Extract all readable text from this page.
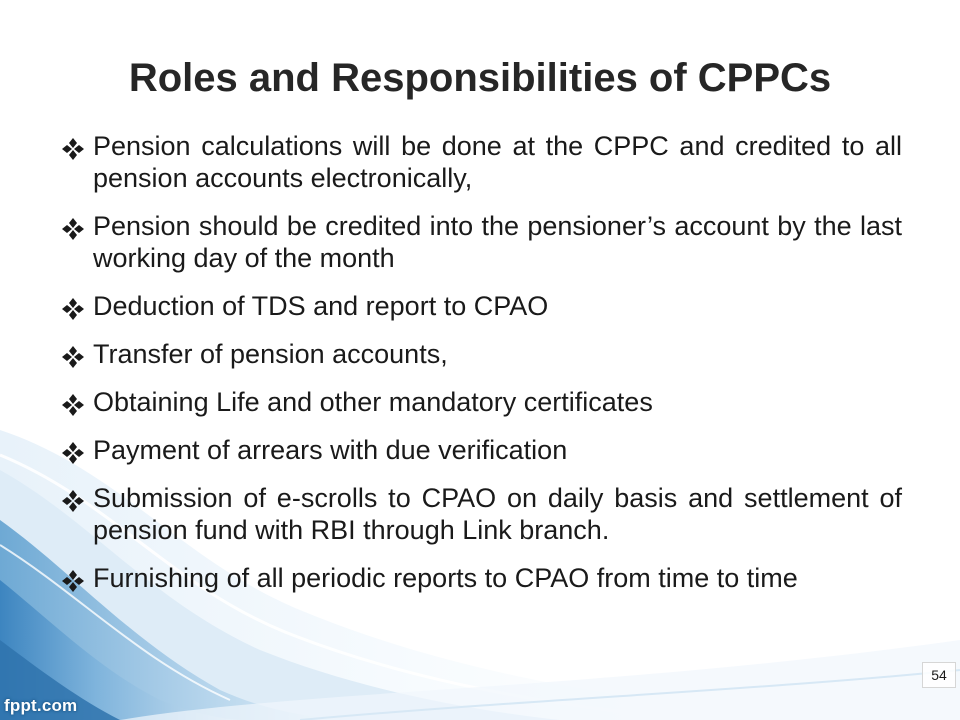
Roles and Responsibilities of CPPCs
Pension calculations will be done at the CPPC and credited to all pension accounts electronically,
Pension should be credited into the pensioner’s account by the last working day of the month
Deduction of TDS and report to CPAO
Transfer of pension accounts,
Obtaining Life and other mandatory certificates
Payment of arrears with due verification
Submission of e-scrolls to CPAO on daily basis and settlement of pension fund with RBI through Link branch.
Furnishing of all periodic reports to CPAO from time to time
54
fppt.com
